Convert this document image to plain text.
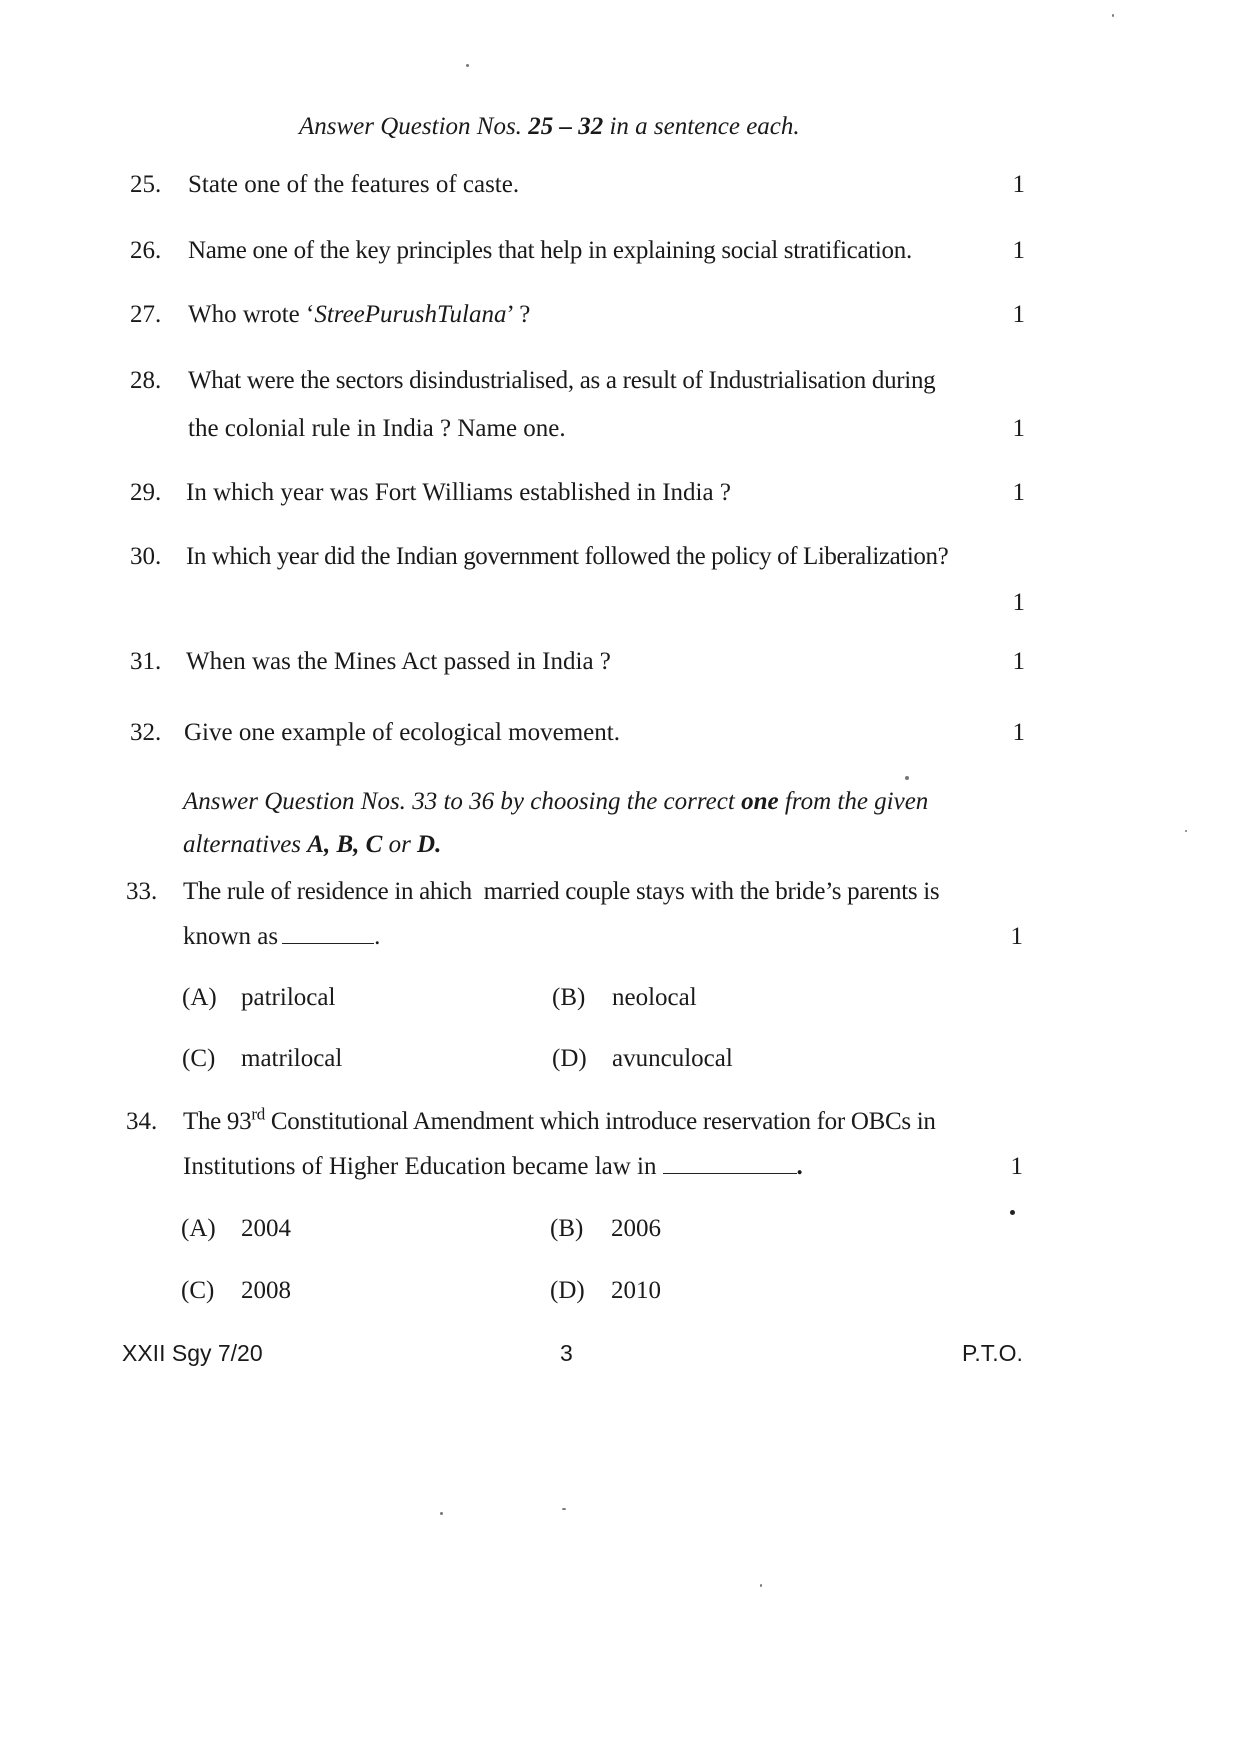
Answer Question Nos. 25 – 32 in a sentence each.
25. State one of the features of caste.	1
26. Name one of the key principles that help in explaining social stratification.	1
27. Who wrote ‘StreePurushTulana’ ?	1
28. What were the sectors disindustrialised, as a result of Industrialisation during
the colonial rule in India ? Name one.	1
29. In which year was Fort Williams established in India ?	1
30. In which year did the Indian government followed the policy of Liberalization?
1
31. When was the Mines Act passed in India ?	1
32. Give one example of ecological movement.	1
Answer Question Nos. 33 to 36 by choosing the correct one from the given
alternatives A, B, C or D.
33. The rule of residence in ahich  married couple stays with the bride’s parents is
known as	.	1
(A) patrilocal	(B) neolocal
(C) matrilocal	(D) avunculocal
34. The 93rd Constitutional Amendment which introduce reservation for OBCs in
Institutions of Higher Education became law in	.	1
(A) 2004	(B) 2006
(C) 2008	(D) 2010
XXII Sgy 7/20	3	P.T.O.
